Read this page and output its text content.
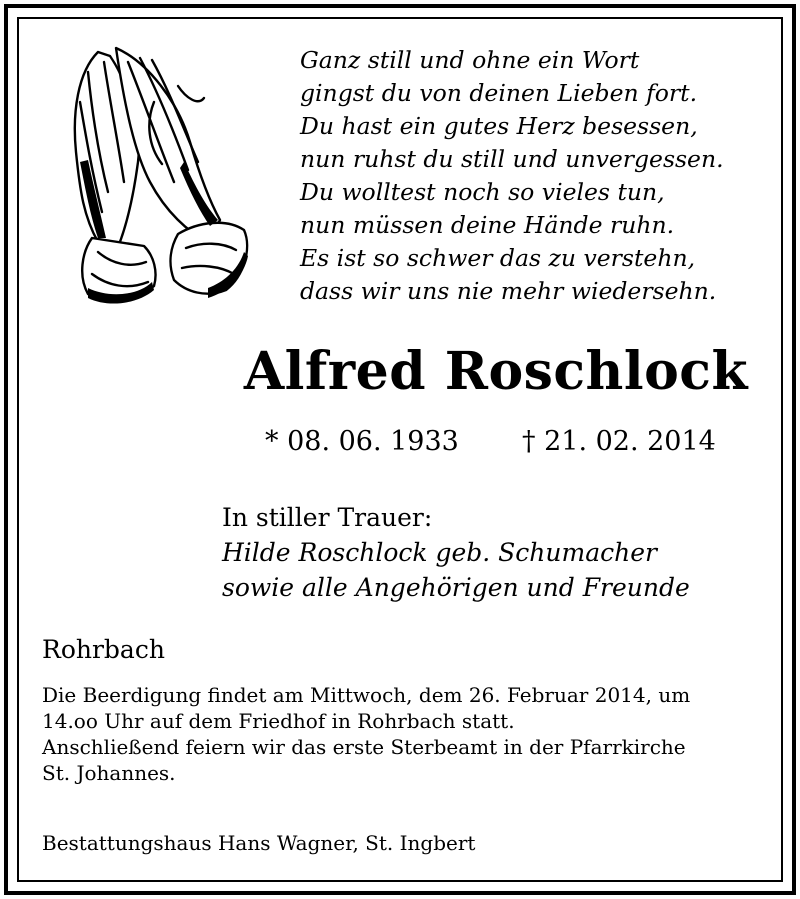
Ganz still und ohne ein Wort
gingst du von deinen Lieben fort.
Du hast ein gutes Herz besessen,
nun ruhst du still und unvergessen.
Du wolltest noch so vieles tun,
nun müssen deine Hände ruhn.
Es ist so schwer das zu verstehn,
dass wir uns nie mehr wiedersehn.
Alfred Roschlock
* 08. 06. 1933 † 21. 02. 2014
In stiller Trauer:
Hilde Roschlock geb. Schumacher
sowie alle Angehörigen und Freunde
Rohrbach
Die Beerdigung findet am Mittwoch, dem 26. Februar 2014, um
14.oo Uhr auf dem Friedhof in Rohrbach statt.
Anschließend feiern wir das erste Sterbeamt in der Pfarrkirche
St. Johannes.
Bestattungshaus Hans Wagner, St. Ingbert
